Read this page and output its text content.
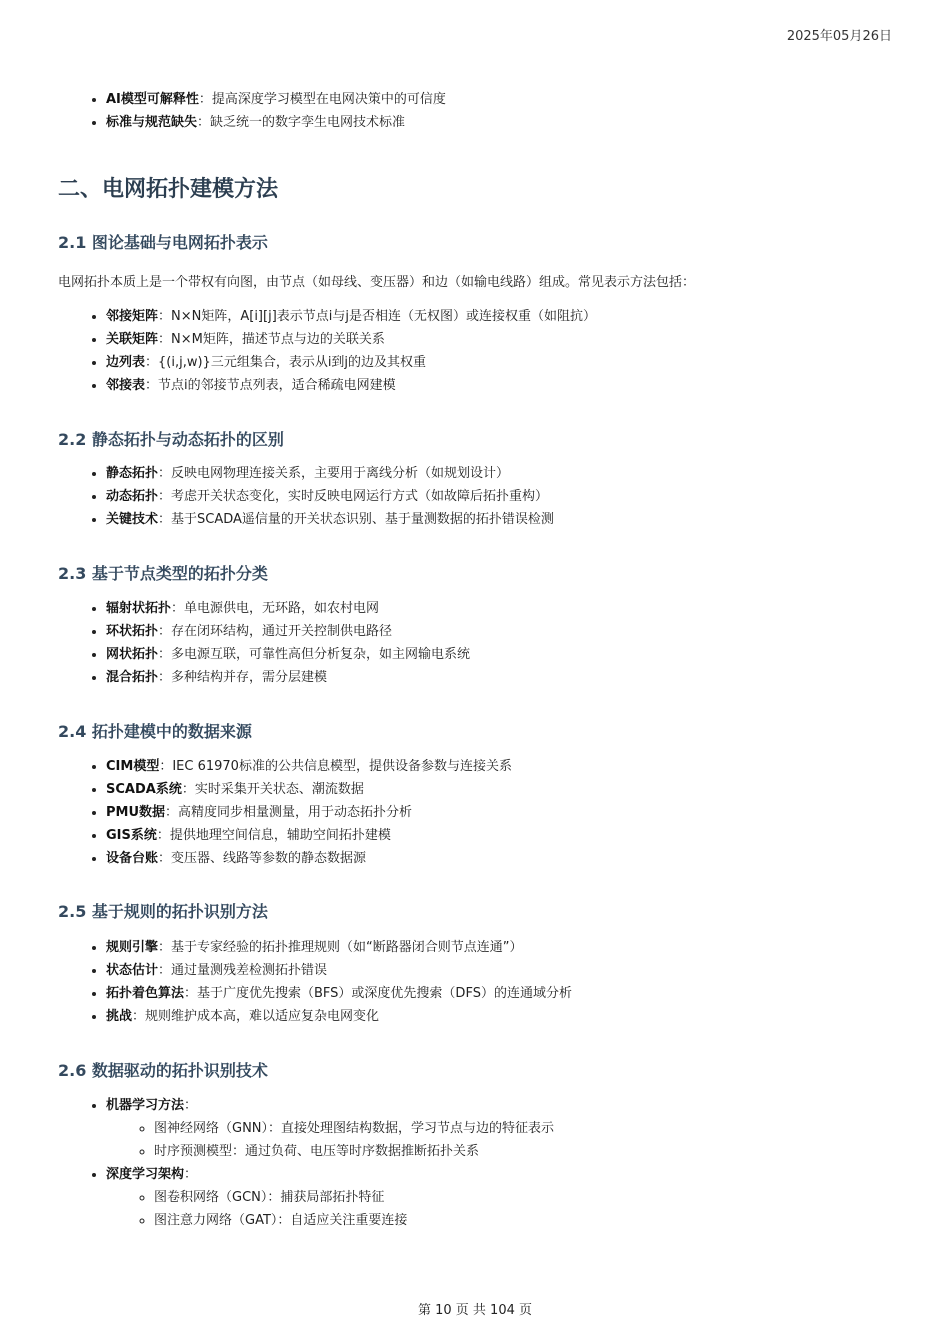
2025年05月26日
• AI模型可解释性：提高深度学习模型在电网决策中的可信度
• 标准与规范缺失：缺乏统一的数字孪生电网技术标准
二、电网拓扑建模方法
2.1 图论基础与电网拓扑表示

电网拓扑本质上是一个带权有向图，由节点（如母线、变压器）和边（如输电线路）组成。常见表示方法包括：

• 邻接矩阵：N×N矩阵，A[i][j]表示节点i与j是否相连（无权图）或连接权重（如阻抗）
• 关联矩阵：N×M矩阵，描述节点与边的关联关系
• 边列表：{(i,j,w)}三元组集合，表示从i到j的边及其权重
• 邻接表：节点i的邻接节点列表，适合稀疏电网建模
2.2 静态拓扑与动态拓扑的区别
• 静态拓扑：反映电网物理连接关系，主要用于离线分析（如规划设计）
• 动态拓扑：考虑开关状态变化，实时反映电网运行方式（如故障后拓扑重构）
• 关键技术：基于SCADA遥信量的开关状态识别、基于量测数据的拓扑错误检测
2.3 基于节点类型的拓扑分类
• 辐射状拓扑：单电源供电，无环路，如农村电网
• 环状拓扑：存在闭环结构，通过开关控制供电路径
• 网状拓扑：多电源互联，可靠性高但分析复杂，如主网输电系统
• 混合拓扑：多种结构并存，需分层建模
2.4 拓扑建模中的数据来源
• CIM模型：IEC 61970标准的公共信息模型，提供设备参数与连接关系
• SCADA系统：实时采集开关状态、潮流数据
• PMU数据：高精度同步相量测量，用于动态拓扑分析
• GIS系统：提供地理空间信息，辅助空间拓扑建模
• 设备台账：变压器、线路等参数的静态数据源
2.5 基于规则的拓扑识别方法
• 规则引擎：基于专家经验的拓扑推理规则（如“断路器闭合则节点连通”）
• 状态估计：通过量测残差检测拓扑错误
• 拓扑着色算法：基于广度优先搜索（BFS）或深度优先搜索（DFS）的连通域分析
• 挑战：规则维护成本高，难以适应复杂电网变化
2.6 数据驱动的拓扑识别技术
• 机器学习方法：
◦ 图神经网络（GNN）：直接处理图结构数据，学习节点与边的特征表示
◦ 时序预测模型：通过负荷、电压等时序数据推断拓扑关系
• 深度学习架构：
◦ 图卷积网络（GCN）：捕获局部拓扑特征
◦ 图注意力网络（GAT）：自适应关注重要连接
第 10 页 共 104 页
